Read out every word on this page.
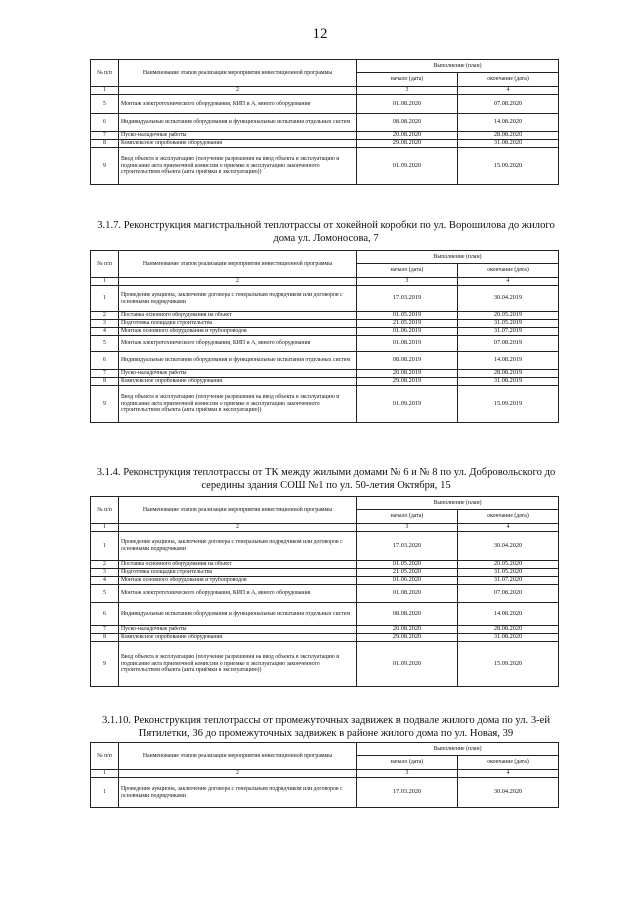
12
№ п/п	Наименование этапов реализации мероприятия инвестиционной программы	Выполнение (план)	
		начало (дата)	окончание (дата)
1	2	3	4
5	Монтаж электротехнического оборудования, КИП и А, явного оборудования	01.08.2020	07.08.2020
6	Индивидуальные испытания оборудования и функциональные испытания отдельных систем	08.08.2020	14.08.2020
7	Пуско-наладочные работы	20.08.2020	28.08.2020
8	Комплексное опробование оборудования	29.08.2020	31.08.2020
9	Ввод объекта в эксплуатацию (получение разрешения на ввод объекта в эксплуатацию и подписание акта приемочной комиссии о приемке в эксплуатацию законченного строительством объекта (акта приёмки в эксплуатацию))	01.09.2020	15.09.2020
3.1.7. Реконструкция магистральной теплотрассы от хокейной коробки по ул. Ворошилова до жилого дома ул. Ломоносова, 7
№ п/п	Наименование этапов реализации мероприятия инвестиционной программы	Выполнение (план)	
		начало (дата)	окончание (дата)
1	2	3	4
1	Проведение аукциона, заключение договора с генеральным подрядчиком или договоров с основными подрядчиками	17.03.2019	30.04.2019
2	Поставка основного оборудования на объект	01.05.2019	20.05.2019
3	Подготовка площадки строительства	21.05.2019	31.05.2019
4	Монтаж основного оборудования и трубопроводов	01.06.2019	31.07.2019
5	Монтаж электротехнического оборудования, КИП и А, явного оборудования	01.08.2019	07.08.2019
6	Индивидуальные испытания оборудования и функциональные испытания отдельных систем	08.08.2019	14.08.2019
7	Пуско-наладочные работы	20.08.2019	28.08.2019
8	Комплексное опробование оборудования	29.08.2019	31.08.2019
9	Ввод объекта в эксплуатацию (получение разрешения на ввод объекта в эксплуатацию и подписание акта приемочной комиссии о приемке в эксплуатацию законченного строительством объекта (акта приёмки в эксплуатацию))	01.09.2019	15.09.2019
3.1.4. Реконструкция теплотрассы от ТК между жилыми домами № 6 и № 8 по ул. Добровольского до середины здания СОШ №1 по ул. 50-летия Октября, 15
№ п/п	Наименование этапов реализации мероприятия инвестиционной программы	Выполнение (план)	
		начало (дата)	окончание (дата)
1	2	3	4
1	Проведение аукциона, заключение договора с генеральным подрядчиком или договоров с основными подрядчиками	17.03.2020	30.04.2020
2	Поставка основного оборудования на объект	01.05.2020	20.05.2020
3	Подготовка площадки строительства	21.05.2020	31.05.2020
4	Монтаж основного оборудования и трубопроводов	01.06.2020	31.07.2020
5	Монтаж электротехнического оборудования, КИП и А, явного оборудования	01.08.2020	07.08.2020
6	Индивидуальные испытания оборудования и функциональные испытания отдельных систем	08.08.2020	14.08.2020
7	Пуско-наладочные работы	20.08.2020	28.08.2020
8	Комплексное опробование оборудования	29.08.2020	31.08.2020
9	Ввод объекта в эксплуатацию (получение разрешения на ввод объекта в эксплуатацию и подписание акта приемочной комиссии о приемке в эксплуатацию законченного строительством объекта (акта приёмки в эксплуатацию))	01.09.2020	15.09.2020
3.1.10. Реконструкция теплотрассы от промежуточных задвижек в подвале жилого дома по ул. 3-ей Пятилетки, 36 до промежуточных задвижек в районе жилого дома по ул. Новая, 39
№ п/п	Наименование этапов реализации мероприятия инвестиционной программы	Выполнение (план)	
		начало (дата)	окончание (дата)
1	2	3	4
1	Проведение аукциона, заключение договора с генеральным подрядчиком или договоров с основными подрядчиками	17.03.2020	30.04.2020
